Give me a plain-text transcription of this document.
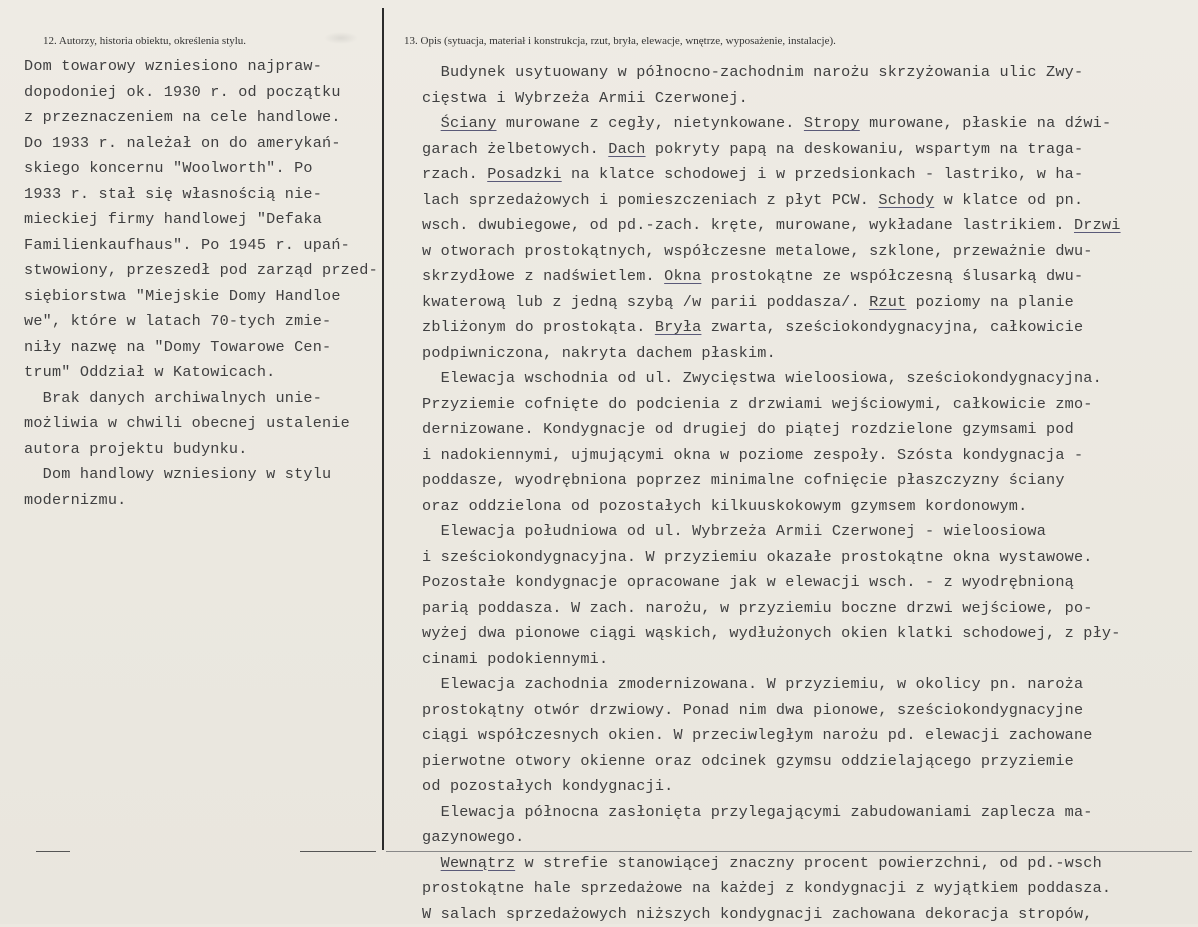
12. Autorzy, historia obiektu, określenia stylu.	13. Opis (sytuacja, materiał i konstrukcja, rzut, bryła, elewacje, wnętrze, wyposażenie, instalacje).
Dom towarowy wzniesiono najpraw-
dopodoniej ok. 1930 r. od początku
z przeznaczeniem na cele handlowe.
Do 1933 r. należał on do amerykań-
skiego koncernu "Woolworth". Po
1933 r. stał się własnością nie-
mieckiej firmy handlowej "Defaka
Familienkaufhaus". Po 1945 r. upań-
stwowiony, przeszedł pod zarząd przed-
siębiorstwa "Miejskie Domy Handloe
we", które w latach 70-tych zmie-
niły nazwę na "Domy Towarowe Cen-
trum" Oddział w Katowicach.
Brak danych archiwalnych unie-
możliwia w chwili obecnej ustalenie
autora projektu budynku.
Dom handlowy wzniesiony w stylu
modernizmu.
Budynek usytuowany w północno-zachodnim narożu skrzyżowania ulic Zwy-
cięstwa i Wybrzeża Armii Czerwonej.
Ściany murowane z cegły, nietynkowane. Stropy murowane, płaskie na dźwi-
garach żelbetowych. Dach pokryty papą na deskowaniu, wspartym na traga-
rzach. Posadzki na klatce schodowej i w przedsionkach - lastriko, w ha-
lach sprzedażowych i pomieszczeniach z płyt PCW. Schody w klatce od pn.
wsch. dwubiegowe, od pd.-zach. kręte, murowane, wykładane lastrikiem. Drzwi
w otworach prostokątnych, współczesne metalowe, szklone, przeważnie dwu-
skrzydłowe z nadświetlem. Okna prostokątne ze współczesną ślusarką dwu-
kwaterową lub z jedną szybą /w parii poddasza/. Rzut poziomy na planie
zbliżonym do prostokąta. Bryła zwarta, sześciokondygnacyjna, całkowicie
podpiwniczona, nakryta dachem płaskim.
Elewacja wschodnia od ul. Zwycięstwa wieloosiowa, sześciokondygnacyjna.
Przyziemie cofnięte do podcienia z drzwiami wejściowymi, całkowicie zmo-
dernizowane. Kondygnacje od drugiej do piątej rozdzielone gzymsami pod
i nadokiennymi, ujmującymi okna w poziome zespoły. Szósta kondygnacja -
poddasze, wyodrębniona poprzez minimalne cofnięcie płaszczyzny ściany
oraz oddzielona od pozostałych kilkuuskokowym gzymsem kordonowym.
Elewacja południowa od ul. Wybrzeża Armii Czerwonej - wieloosiowa
i sześciokondygnacyjna. W przyziemiu okazałe prostokątne okna wystawowe.
Pozostałe kondygnacje opracowane jak w elewacji wsch. - z wyodrębnioną
parią poddasza. W zach. narożu, w przyziemiu boczne drzwi wejściowe, po-
wyżej dwa pionowe ciągi wąskich, wydłużonych okien klatki schodowej, z pły-
cinami podokiennymi.
Elewacja zachodnia zmodernizowana. W przyziemiu, w okolicy pn. naroża
prostokątny otwór drzwiowy. Ponad nim dwa pionowe, sześciokondygnacyjne
ciągi współczesnych okien. W przeciwległym narożu pd. elewacji zachowane
pierwotne otwory okienne oraz odcinek gzymsu oddzielającego przyziemie
od pozostałych kondygnacji.
Elewacja północna zasłonięta przylegającymi zabudowaniami zaplecza ma-
gazynowego.
Wewnątrz w strefie stanowiącej znaczny procent powierzchni, od pd.-wsch
prostokątne hale sprzedażowe na każdej z kondygnacji z wyjątkiem poddasza.
W salach sprzedażowych niższych kondygnacji zachowana dekoracja stropów,
